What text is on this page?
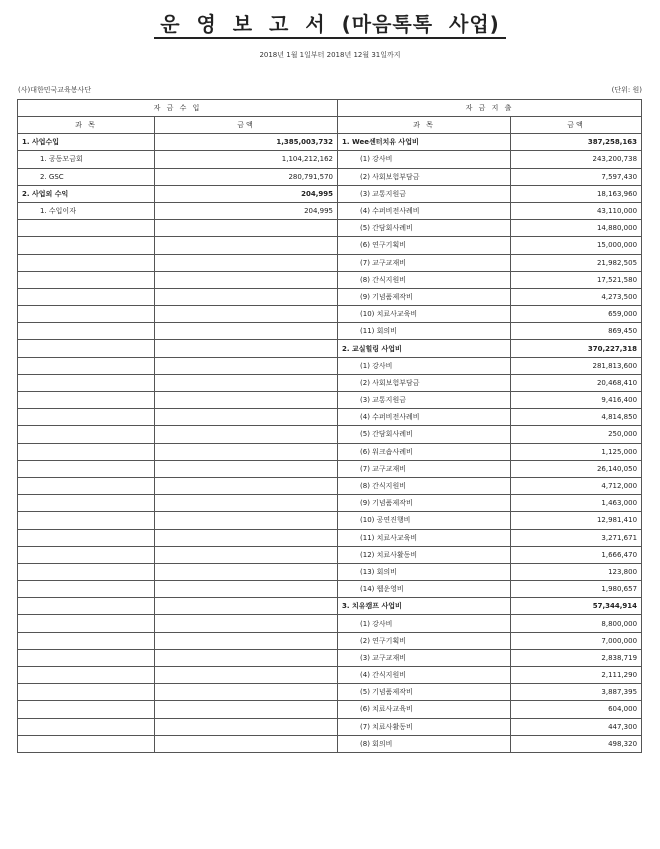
운 영 보 고 서 (마음톡톡 사업)
2018년 1월 1일부터 2018년 12월 31일까지
(사)대한민국교육봉사단	(단위: 원)
자 금 수 입		자 금 지 출	
과 목	금액	과 목	금액
1. 사업수입	1,385,003,732	1. Wee센터치유 사업비	387,258,163
1. 공동모금회	1,104,212,162	(1) 강사비	243,200,738
2. GSC	280,791,570	(2) 사회보험부담금	7,597,430
2. 사업외 수익	204,995	(3) 교통지원금	18,163,960
1. 수입이자	204,995	(4) 수퍼비전사례비	43,110,000
		(5) 간담회사례비	14,880,000
		(6) 연구기획비	15,000,000
		(7) 교구교재비	21,982,505
		(8) 간식지원비	17,521,580
		(9) 기념품제작비	4,273,500
		(10) 치료사교육비	659,000
		(11) 회의비	869,450
		2. 교실힐링 사업비	370,227,318
		(1) 강사비	281,813,600
		(2) 사회보험부담금	20,468,410
		(3) 교통지원금	9,416,400
		(4) 수퍼비전사례비	4,814,850
		(5) 간담회사례비	250,000
		(6) 워크숍사례비	1,125,000
		(7) 교구교재비	26,140,050
		(8) 간식지원비	4,712,000
		(9) 기념품제작비	1,463,000
		(10) 공연진행비	12,981,410
		(11) 치료사교육비	3,271,671
		(12) 치료사활동비	1,666,470
		(13) 회의비	123,800
		(14) 웹운영비	1,980,657
		3. 치유캠프 사업비	57,344,914
		(1) 강사비	8,800,000
		(2) 연구기획비	7,000,000
		(3) 교구교재비	2,838,719
		(4) 간식지원비	2,111,290
		(5) 기념품제작비	3,887,395
		(6) 치료사교육비	604,000
		(7) 치료사활동비	447,300
		(8) 회의비	498,320
